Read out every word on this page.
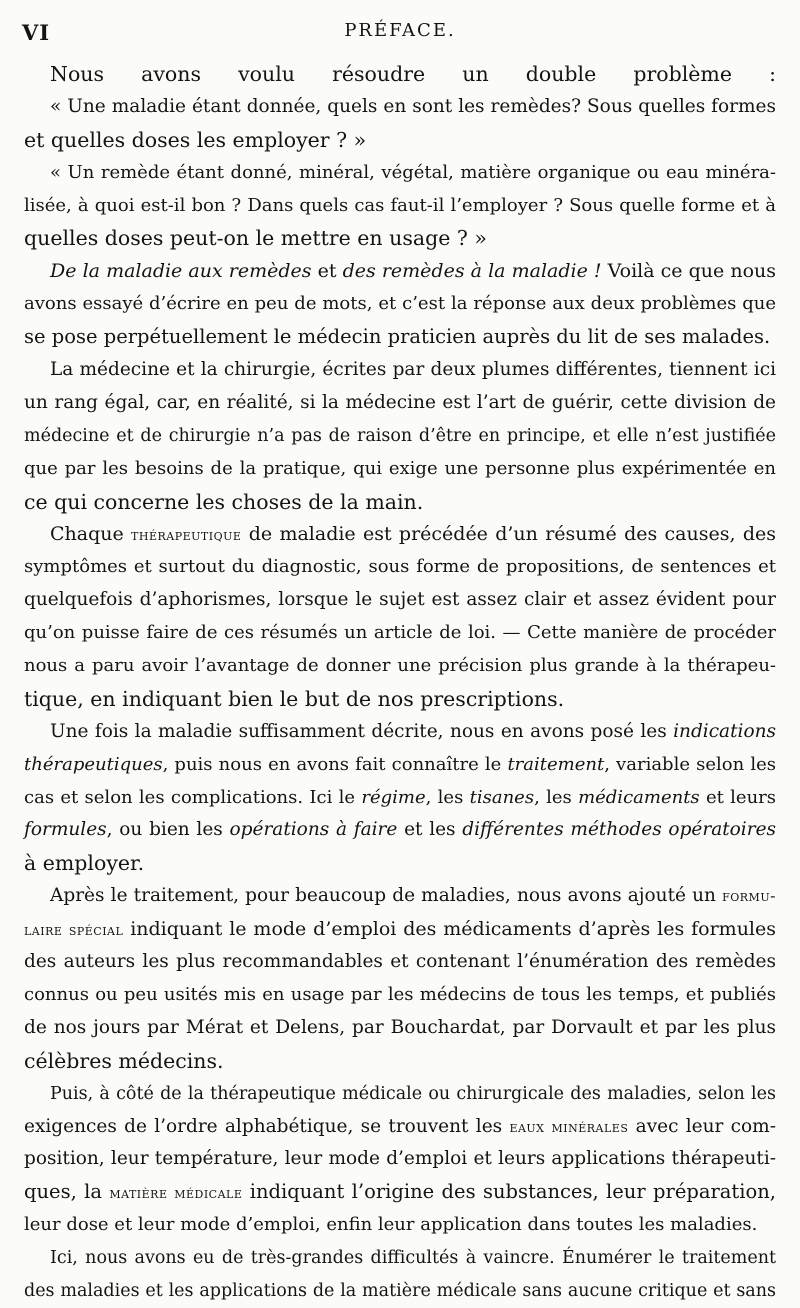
VI	PRÉFACE.
Nous avons voulu résoudre un double problème :
« Une maladie étant donnée, quels en sont les remèdes? Sous quelles formes
et quelles doses les employer ? »
« Un remède étant donné, minéral, végétal, matière organique ou eau minéra-
lisée, à quoi est-il bon ? Dans quels cas faut-il l’employer ? Sous quelle forme et à
quelles doses peut-on le mettre en usage ? »
De la maladie aux remèdes et des remèdes à la maladie ! Voilà ce que nous
avons essayé d’écrire en peu de mots, et c’est la réponse aux deux problèmes que
se pose perpétuellement le médecin praticien auprès du lit de ses malades.
La médecine et la chirurgie, écrites par deux plumes différentes, tiennent ici
un rang égal, car, en réalité, si la médecine est l’art de guérir, cette division de
médecine et de chirurgie n’a pas de raison d’être en principe, et elle n’est justifiée
que par les besoins de la pratique, qui exige une personne plus expérimentée en
ce qui concerne les choses de la main.
Chaque thérapeutique de maladie est précédée d’un résumé des causes, des
symptômes et surtout du diagnostic, sous forme de propositions, de sentences et
quelquefois d’aphorismes, lorsque le sujet est assez clair et assez évident pour
qu’on puisse faire de ces résumés un article de loi. — Cette manière de procéder
nous a paru avoir l’avantage de donner une précision plus grande à la thérapeu-
tique, en indiquant bien le but de nos prescriptions.
Une fois la maladie suffisamment décrite, nous en avons posé les indications
thérapeutiques, puis nous en avons fait connaître le traitement, variable selon les
cas et selon les complications. Ici le régime, les tisanes, les médicaments et leurs
formules, ou bien les opérations à faire et les différentes méthodes opératoires
à employer.
Après le traitement, pour beaucoup de maladies, nous avons ajouté un formu-
laire spécial indiquant le mode d’emploi des médicaments d’après les formules
des auteurs les plus recommandables et contenant l’énumération des remèdes
connus ou peu usités mis en usage par les médecins de tous les temps, et publiés
de nos jours par Mérat et Delens, par Bouchardat, par Dorvault et par les plus
célèbres médecins.
Puis, à côté de la thérapeutique médicale ou chirurgicale des maladies, selon les
exigences de l’ordre alphabétique, se trouvent les eaux minérales avec leur com-
position, leur température, leur mode d’emploi et leurs applications thérapeuti-
ques, la matière médicale indiquant l’origine des substances, leur préparation,
leur dose et leur mode d’emploi, enfin leur application dans toutes les maladies.
Ici, nous avons eu de très-grandes difficultés à vaincre. Énumérer le traitement
des maladies et les applications de la matière médicale sans aucune critique et sans
